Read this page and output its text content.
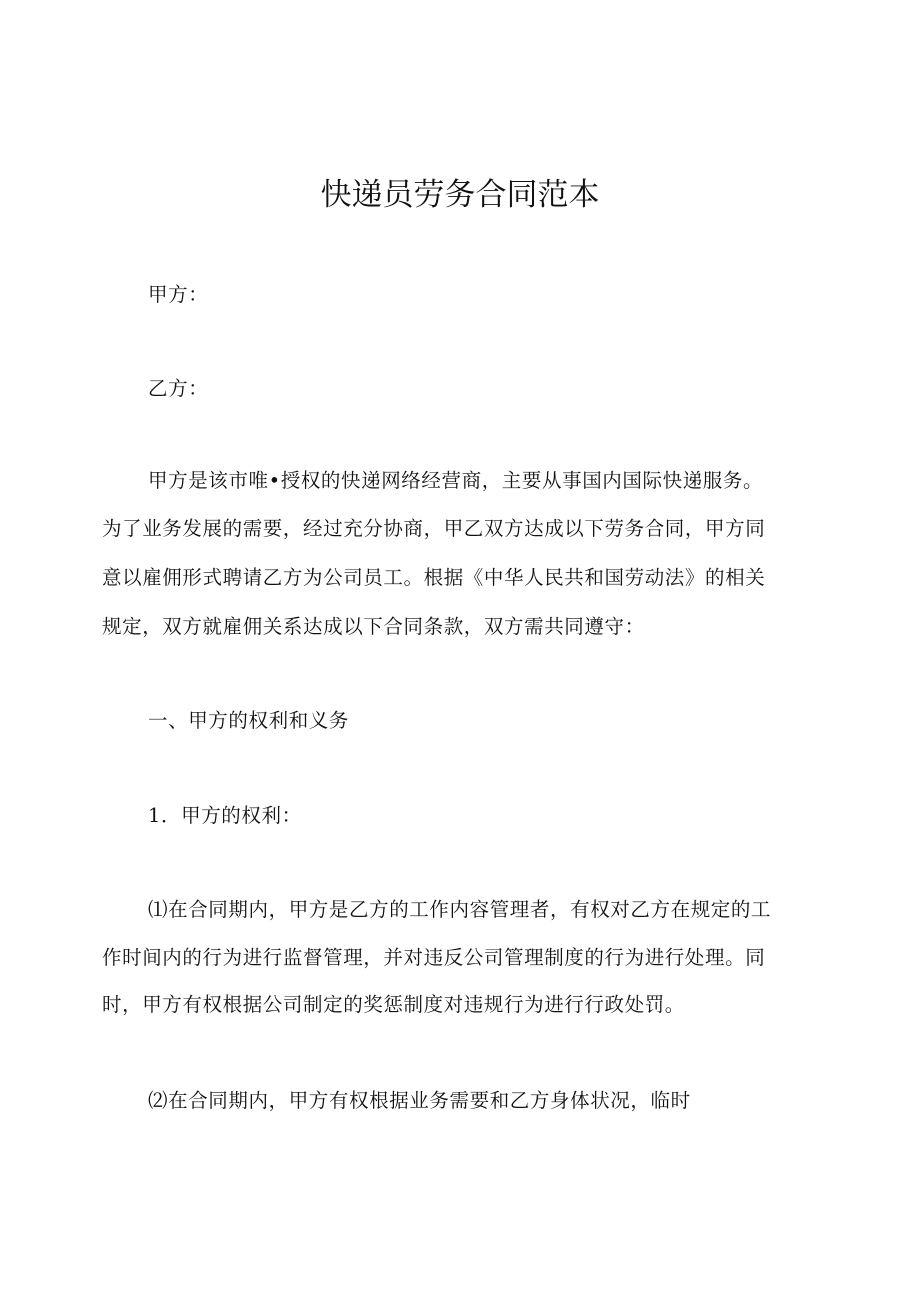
快递员劳务合同范本
甲方：
乙方：
甲方是该市唯•授权的快递网络经营商，主要从事国内国际快递服务。
为了业务发展的需要，经过充分协商，甲乙双方达成以下劳务合同，甲方同
意以雇佣形式聘请乙方为公司员工。根据《中华人民共和国劳动法》的相关
规定，双方就雇佣关系达成以下合同条款，双方需共同遵守：
一、甲方的权利和义务
1．甲方的权利：
⑴在合同期内，甲方是乙方的工作内容管理者，有权对乙方在规定的工
作时间内的行为进行监督管理，并对违反公司管理制度的行为进行处理。同
时，甲方有权根据公司制定的奖惩制度对违规行为进行行政处罚。
⑵在合同期内，甲方有权根据业务需要和乙方身体状况，临时
